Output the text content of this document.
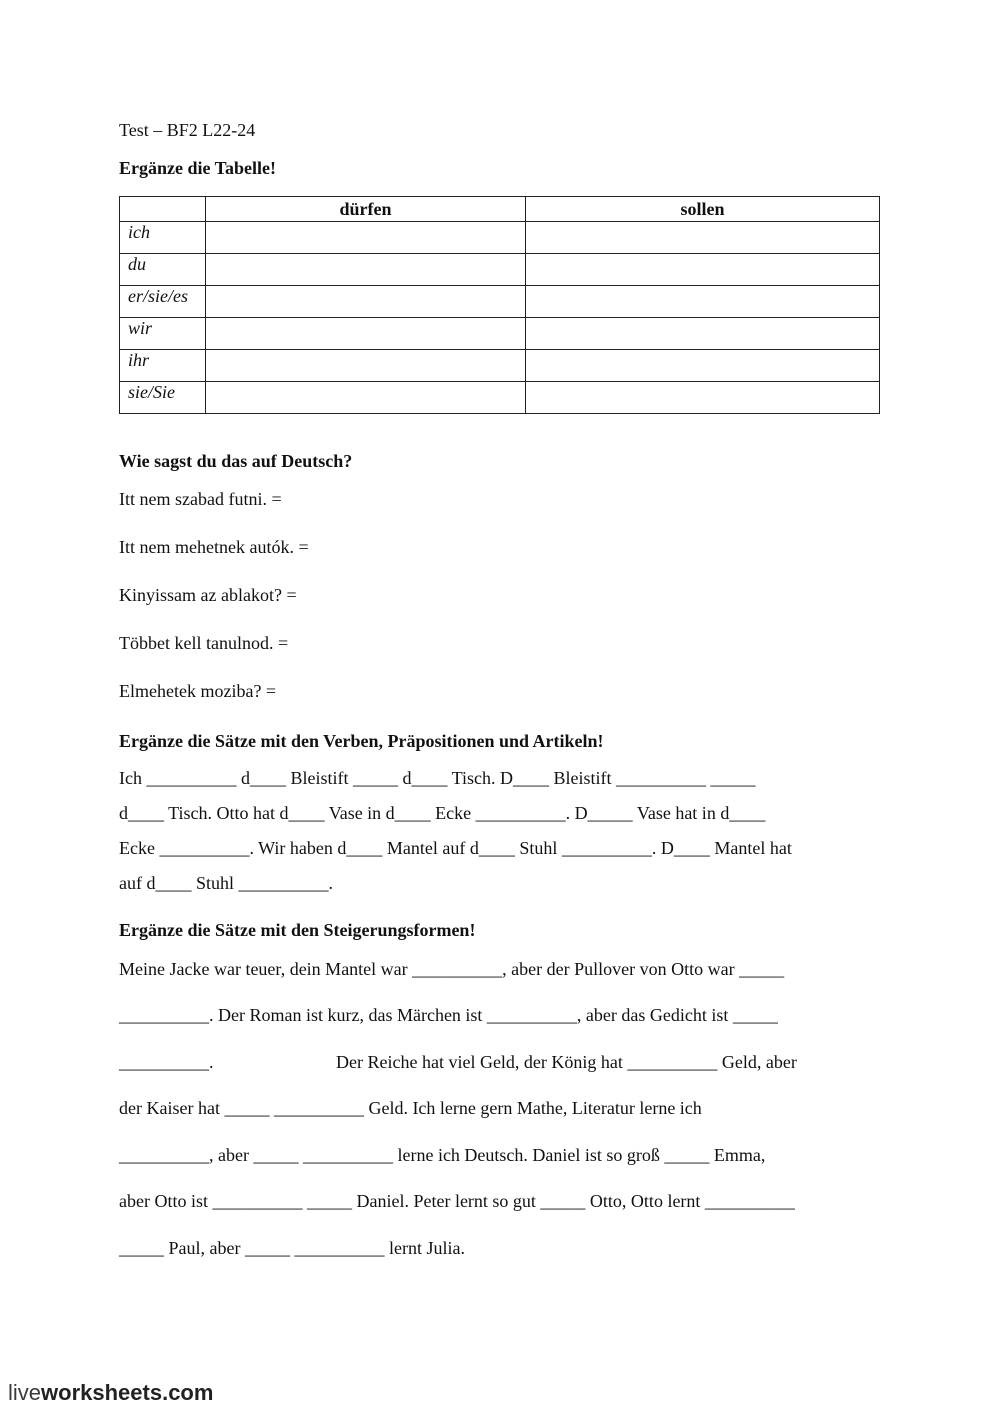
Test – BF2 L22-24
Ergänze die Tabelle!
	dürfen	sollen
ich		
du		
er/sie/es		
wir		
ihr		
sie/Sie		
Wie sagst du das auf Deutsch?
Itt nem szabad futni. =
Itt nem mehetnek autók. =
Kinyissam az ablakot? =
Többet kell tanulnod. =
Elmehetek moziba? =
Ergänze die Sätze mit den Verben, Präpositionen und Artikeln!
Ich __________ d____ Bleistift _____ d____ Tisch. D____ Bleistift __________ _____
d____ Tisch. Otto hat d____ Vase in d____ Ecke __________. D_____ Vase hat in d____
Ecke __________. Wir haben d____ Mantel auf d____ Stuhl __________. D____ Mantel hat
auf d____ Stuhl __________.
Ergänze die Sätze mit den Steigerungsformen!
Meine Jacke war teuer, dein Mantel war __________, aber der Pullover von Otto war _____
__________. Der Roman ist kurz, das Märchen ist __________, aber das Gedicht ist _____
__________.	Der Reiche hat viel Geld, der König hat __________ Geld, aber
der Kaiser hat _____ __________ Geld. Ich lerne gern Mathe, Literatur lerne ich
__________, aber _____ __________ lerne ich Deutsch. Daniel ist so groß _____ Emma,
aber Otto ist __________ _____ Daniel. Peter lernt so gut _____ Otto, Otto lernt __________
_____ Paul, aber _____ __________ lernt Julia.
liveworksheets.com
